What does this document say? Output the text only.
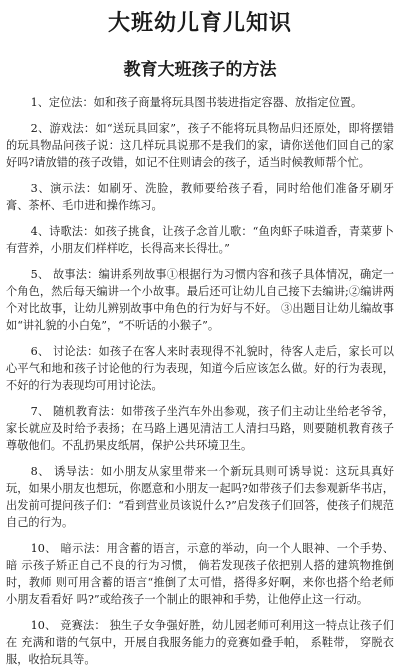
大班幼儿育儿知识
教育大班孩子的方法

1、定位法：如和孩子商量将玩具图书装进指定容器、放指定位置。

2、游戏法：如“送玩具回家”，孩子不能将玩具物品归还原处，即将摆错的玩具物品问孩子说：这几样玩具说那不是我们的家，请你送他们回自己的家好吗?请放错的孩子改错，如记不住则请会的孩子，适当时候教师帮个忙。

3、演示法：如刷牙、洗脸，教师要给孩子看，同时给他们准备牙刷牙膏、茶杯、毛巾进和操作练习。

4、诗歌法：如孩子挑食，让孩子念首儿歌：“鱼肉虾子味道香，青菜萝卜有营养，小朋友们样样吃，长得高来长得壮。”

5、 故事法：编讲系列故事①根据行为习惯内容和孩子具体情况，确定一个角色，然后每天编讲一个小故事。最后还可让幼儿自己接下去编讲;②编讲两个对比故事，让幼儿辨别故事中角色的行为好与不好。 ③出题目让幼儿编故事如“讲礼貌的小白兔”，“不听话的小猴子”。

6、 讨论法：如孩子在客人来时表现得不礼貌时，待客人走后，家长可以心平气和地和孩子讨论他的行为表现，知道今后应该怎么做。好的行为表现，不好的行为表现均可用讨论法。

7、 随机教育法：如带孩子坐汽车外出参观，孩子们主动让坐给老爷爷，家长就应及时给予表扬；在马路上遇见清洁工人清扫马路，则要随机教育孩子尊敬他们。不乱扔果皮纸屑，保护公共环境卫生。

8、 诱导法：如小朋友从家里带来一个新玩具则可诱导说：这玩具真好玩，如果小朋友也想玩，你愿意和小朋友一起吗?如带孩子们去参观新华书店，出发前可提问孩子们：“看到营业员该说什么?”启发孩子们回答，使孩子们规范自己的行为。

10、 暗示法：用含蓄的语言，示意的举动，向一个人眼神、一个手势、 暗 示孩子矫正自己不良的行为习惯， 倘若发现孩子依把别人搭的建筑物推倒时，教师 则可用含蓄的语言“推倒了太可惜，搭得多好啊，来你也搭个给老师小朋友看看好 吗?”或给孩子一个制止的眼神和手势，让他停止这一行动。

10、 竞赛法： 独生子女争强好胜，幼儿园老师可利用这一特点让孩子们在 充满和谐的气氛中，开展自我服务能力的竞赛如叠手帕， 系鞋带， 穿脱衣服，收拾玩具等。
